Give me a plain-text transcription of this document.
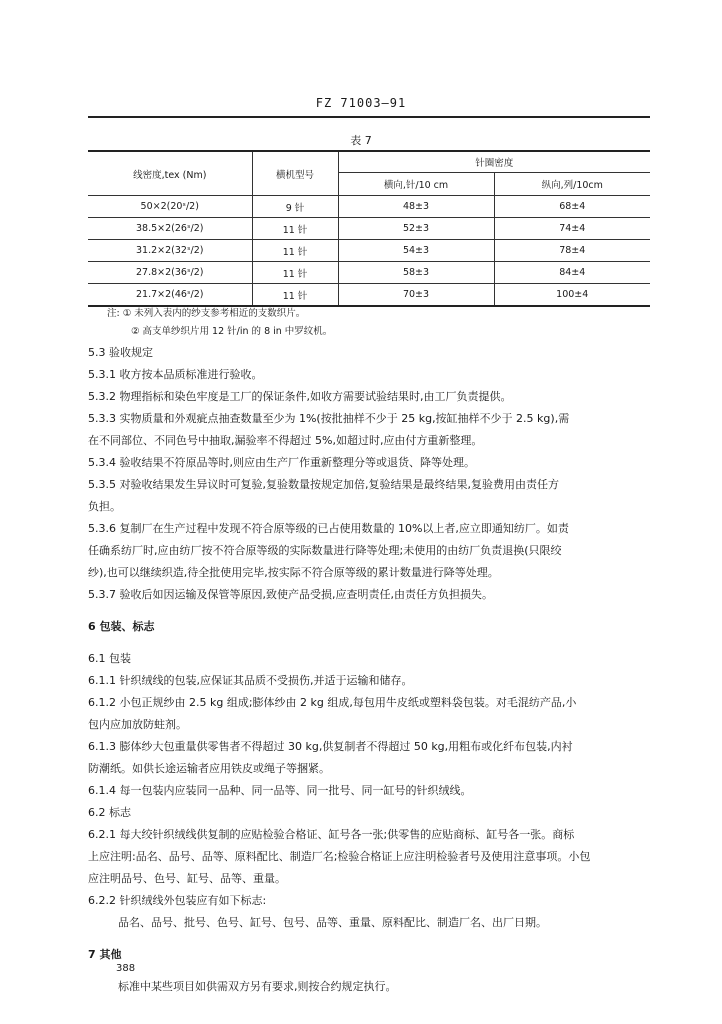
FZ 71003—91
表 7
线密度,tex (Nm)	横机型号	针圈密度	
		横向,针/10 cm	纵向,列/10cm
50×2(20ˢ/2)	9 针	48±3	68±4
38.5×2(26ˢ/2)	11 针	52±3	74±4
31.2×2(32ˢ/2)	11 针	54±3	78±4
27.8×2(36ˢ/2)	11 针	58±3	84±4
21.7×2(46ˢ/2)	11 针	70±3	100±4
注: ① 未列入表内的纱支参考相近的支数织片。
② 高支单纱织片用 12 针/in 的 8 in 中罗纹机。

5.3 验收规定

5.3.1 收方按本品质标准进行验收。

5.3.2 物理指标和染色牢度是工厂的保证条件,如收方需要试验结果时,由工厂负责提供。

5.3.3 实物质量和外观疵点抽查数量至少为 1%(按批抽样不少于 25 kg,按缸抽样不少于 2.5 kg),需

在不同部位、不同色号中抽取,漏验率不得超过 5%,如超过时,应由付方重新整理。

5.3.4 验收结果不符原品等时,则应由生产厂作重新整理分等或退货、降等处理。

5.3.5 对验收结果发生异议时可复验,复验数量按规定加倍,复验结果是最终结果,复验费用由责任方

负担。

5.3.6 复制厂在生产过程中发现不符合原等级的已占使用数量的 10%以上者,应立即通知纺厂。如责

任确系纺厂时,应由纺厂按不符合原等级的实际数量进行降等处理;未使用的由纺厂负责退换(只限绞

纱),也可以继续织造,待全批使用完毕,按实际不符合原等级的累计数量进行降等处理。

5.3.7 验收后如因运输及保管等原因,致使产品受损,应查明责任,由责任方负担损失。

6 包装、标志

6.1 包装

6.1.1 针织绒线的包装,应保证其品质不受损伤,并适于运输和储存。

6.1.2 小包正规纱由 2.5 kg 组成;膨体纱由 2 kg 组成,每包用牛皮纸或塑料袋包装。对毛混纺产品,小

包内应加放防蛀剂。

6.1.3 膨体纱大包重量供零售者不得超过 30 kg,供复制者不得超过 50 kg,用粗布或化纤布包装,内衬

防潮纸。如供长途运输者应用铁皮或绳子等捆紧。

6.1.4 每一包装内应装同一品种、同一品等、同一批号、同一缸号的针织绒线。

6.2 标志

6.2.1 每大绞针织绒线供复制的应贴检验合格证、缸号各一张;供零售的应贴商标、缸号各一张。商标

上应注明:品名、品号、品等、原料配比、制造厂名;检验合格证上应注明检验者号及使用注意事项。小包

应注明品号、色号、缸号、品等、重量。

6.2.2 针织绒线外包装应有如下标志:

品名、品号、批号、色号、缸号、包号、品等、重量、原料配比、制造厂名、出厂日期。

7 其他

标准中某些项目如供需双方另有要求,则按合约规定执行。

388
